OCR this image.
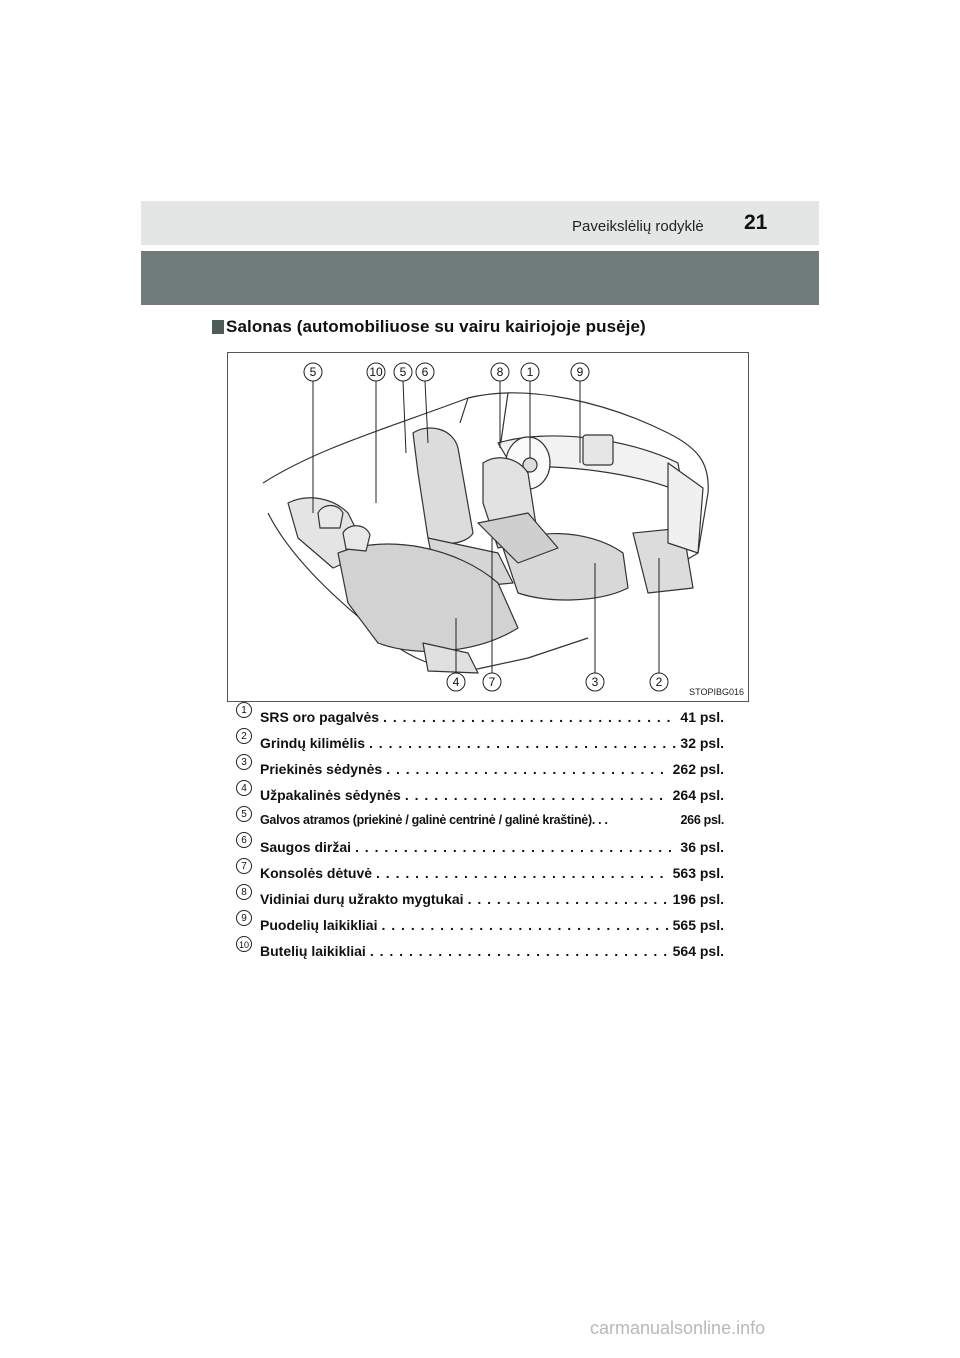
Paveikslėlių rodyklė 21
Salonas (automobiliuose su vairu kairiojoje pusėje)
5	10 5 6	8 1	9
4 7	3	2
STOPIBG016
1 SRS oro pagalvės . . .	41 psl.
2 Grindų kilimėlis . . .	32 psl.
3 Priekinės sėdynės . . .	262 psl.
4 Užpakalinės sėdynės . . .	264 psl.
5	Galvos atramos (priekinė / galinė centrinė / galinė kraštinė). . .	266 psl.
6 Saugos diržai . . .	36 psl.
7 Konsolės dėtuvė . . .	563 psl.
8 Vidiniai durų užrakto mygtukai . . .	196 psl.
9 Puodelių laikikliai . . .	565 psl.
10 Butelių laikikliai . . .	564 psl.
carmanualsonline.info
